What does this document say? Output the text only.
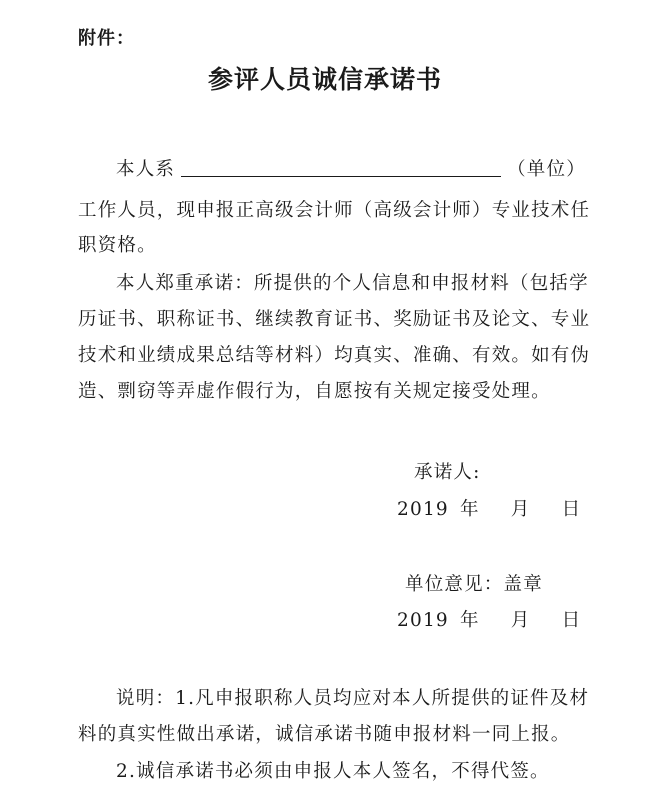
附件：
参评人员诚信承诺书
本人系	（单位）
工作人员，现申报正高级会计师（高级会计师）专业技术任
职资格。
本人郑重承诺：所提供的个人信息和申报材料（包括学
历证书、职称证书、继续教育证书、奖励证书及论文、专业
技术和业绩成果总结等材料）均真实、准确、有效。如有伪
造、剽窃等弄虚作假行为，自愿按有关规定接受处理。
承诺人:
2019 年 月 日
单位意见：盖章
2019 年 月 日
说明：1.凡申报职称人员均应对本人所提供的证件及材
料的真实性做出承诺，诚信承诺书随申报材料一同上报。
2.诚信承诺书必须由申报人本人签名，不得代签。
